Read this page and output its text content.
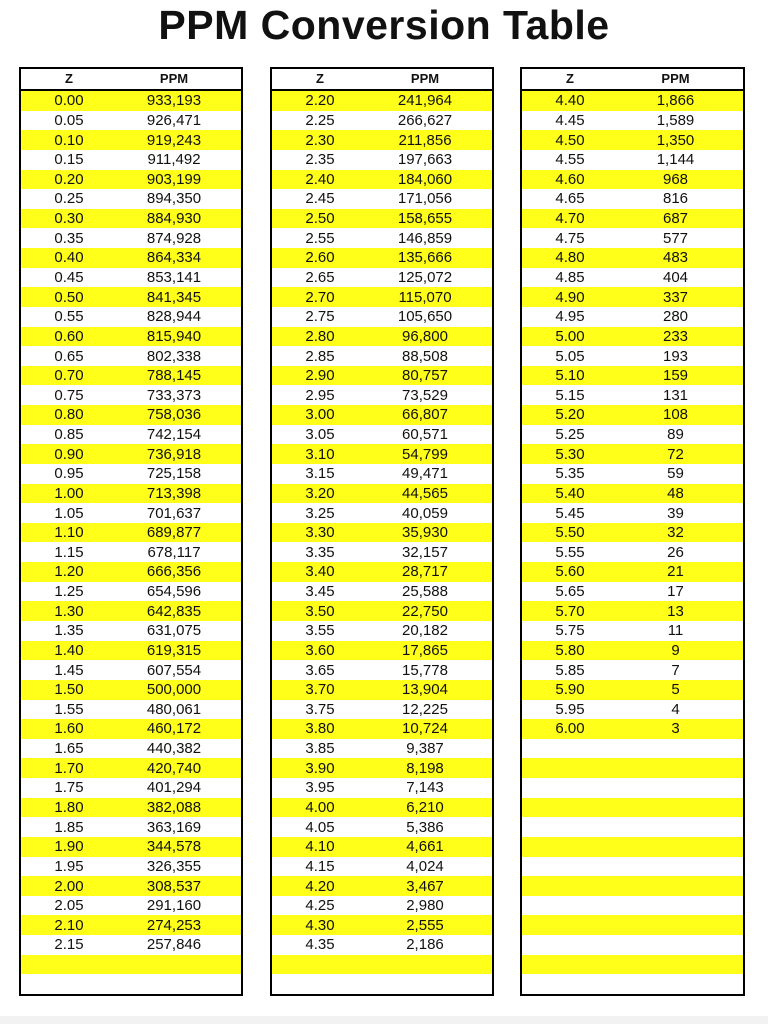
PPM Conversion Table
Z	PPM
0.00	933,193
0.05	926,471
0.10	919,243
0.15	911,492
0.20	903,199
0.25	894,350
0.30	884,930
0.35	874,928
0.40	864,334
0.45	853,141
0.50	841,345
0.55	828,944
0.60	815,940
0.65	802,338
0.70	788,145
0.75	733,373
0.80	758,036
0.85	742,154
0.90	736,918
0.95	725,158
1.00	713,398
1.05	701,637
1.10	689,877
1.15	678,117
1.20	666,356
1.25	654,596
1.30	642,835
1.35	631,075
1.40	619,315
1.45	607,554
1.50	500,000
1.55	480,061
1.60	460,172
1.65	440,382
1.70	420,740
1.75	401,294
1.80	382,088
1.85	363,169
1.90	344,578
1.95	326,355
2.00	308,537
2.05	291,160
2.10	274,253
2.15	257,846
Z	PPM
2.20	241,964
2.25	266,627
2.30	211,856
2.35	197,663
2.40	184,060
2.45	171,056
2.50	158,655
2.55	146,859
2.60	135,666
2.65	125,072
2.70	115,070
2.75	105,650
2.80	96,800
2.85	88,508
2.90	80,757
2.95	73,529
3.00	66,807
3.05	60,571
3.10	54,799
3.15	49,471
3.20	44,565
3.25	40,059
3.30	35,930
3.35	32,157
3.40	28,717
3.45	25,588
3.50	22,750
3.55	20,182
3.60	17,865
3.65	15,778
3.70	13,904
3.75	12,225
3.80	10,724
3.85	9,387
3.90	8,198
3.95	7,143
4.00	6,210
4.05	5,386
4.10	4,661
4.15	4,024
4.20	3,467
4.25	2,980
4.30	2,555
4.35	2,186
Z	PPM
4.40	1,866
4.45	1,589
4.50	1,350
4.55	1,144
4.60	968
4.65	816
4.70	687
4.75	577
4.80	483
4.85	404
4.90	337
4.95	280
5.00	233
5.05	193
5.10	159
5.15	131
5.20	108
5.25	89
5.30	72
5.35	59
5.40	48
5.45	39
5.50	32
5.55	26
5.60	21
5.65	17
5.70	13
5.75	11
5.80	9
5.85	7
5.90	5
5.95	4
6.00	3
